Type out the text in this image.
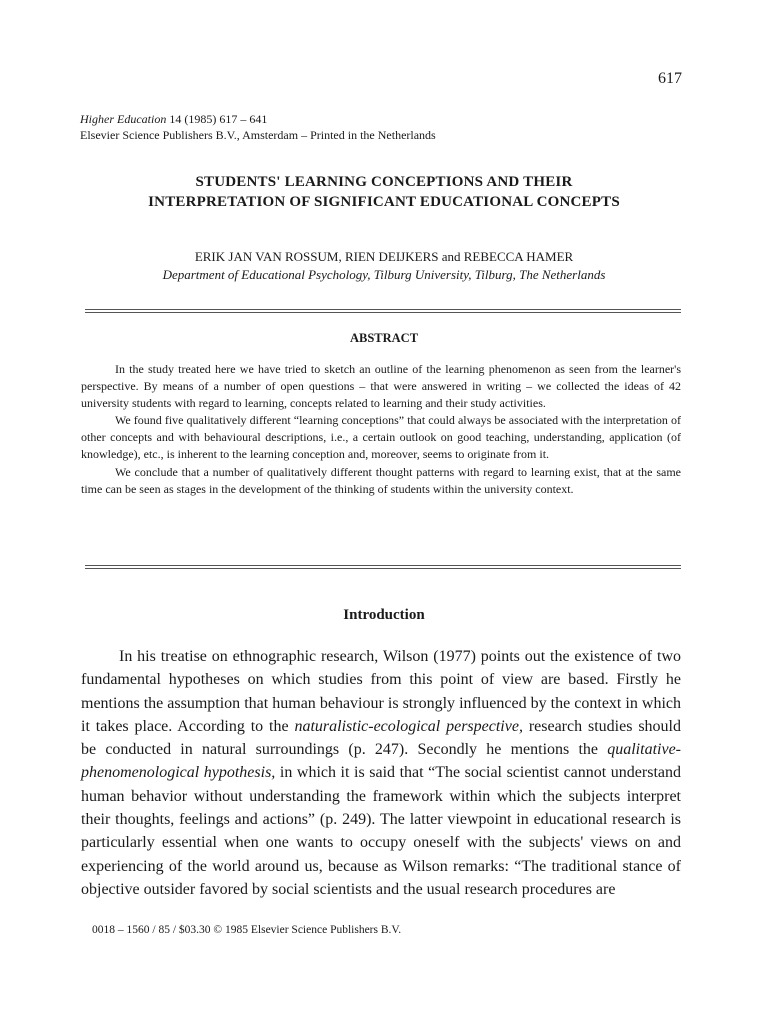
617
Higher Education 14 (1985) 617 – 641
Elsevier Science Publishers B.V., Amsterdam – Printed in the Netherlands
STUDENTS' LEARNING CONCEPTIONS AND THEIR
INTERPRETATION OF SIGNIFICANT EDUCATIONAL CONCEPTS
ERIK JAN VAN ROSSUM, RIEN DEIJKERS and REBECCA HAMER
Department of Educational Psychology, Tilburg University, Tilburg, The Netherlands
ABSTRACT

In the study treated here we have tried to sketch an outline of the learning phenomenon as seen from the learner's perspective. By means of a number of open questions – that were answered in writing – we collected the ideas of 42 university students with regard to learning, concepts related to learning and their study activities.

We found five qualitatively different “learning conceptions” that could always be associated with the interpretation of other concepts and with behavioural descriptions, i.e., a certain outlook on good teaching, understanding, application (of knowledge), etc., is inherent to the learning conception and, moreover, seems to originate from it.

We conclude that a number of qualitatively different thought patterns with regard to learning exist, that at the same time can be seen as stages in the development of the thinking of students within the university context.

Introduction

In his treatise on ethnographic research, Wilson (1977) points out the existence of two fundamental hypotheses on which studies from this point of view are based. Firstly he mentions the assumption that human behaviour is strongly influenced by the context in which it takes place. According to the naturalistic-ecological perspective, research studies should be conducted in natural surroundings (p. 247). Secondly he mentions the qualitative-phenomenological hypothesis, in which it is said that “The social scientist cannot understand human behavior without understanding the framework within which the subjects interpret their thoughts, feelings and actions” (p. 249). The latter viewpoint in educational research is particularly essential when one wants to occupy oneself with the subjects' views on and experiencing of the world around us, because as Wilson remarks: “The traditional stance of objective outsider favored by social scientists and the usual research procedures are

0018 – 1560 / 85 / $03.30 © 1985 Elsevier Science Publishers B.V.
